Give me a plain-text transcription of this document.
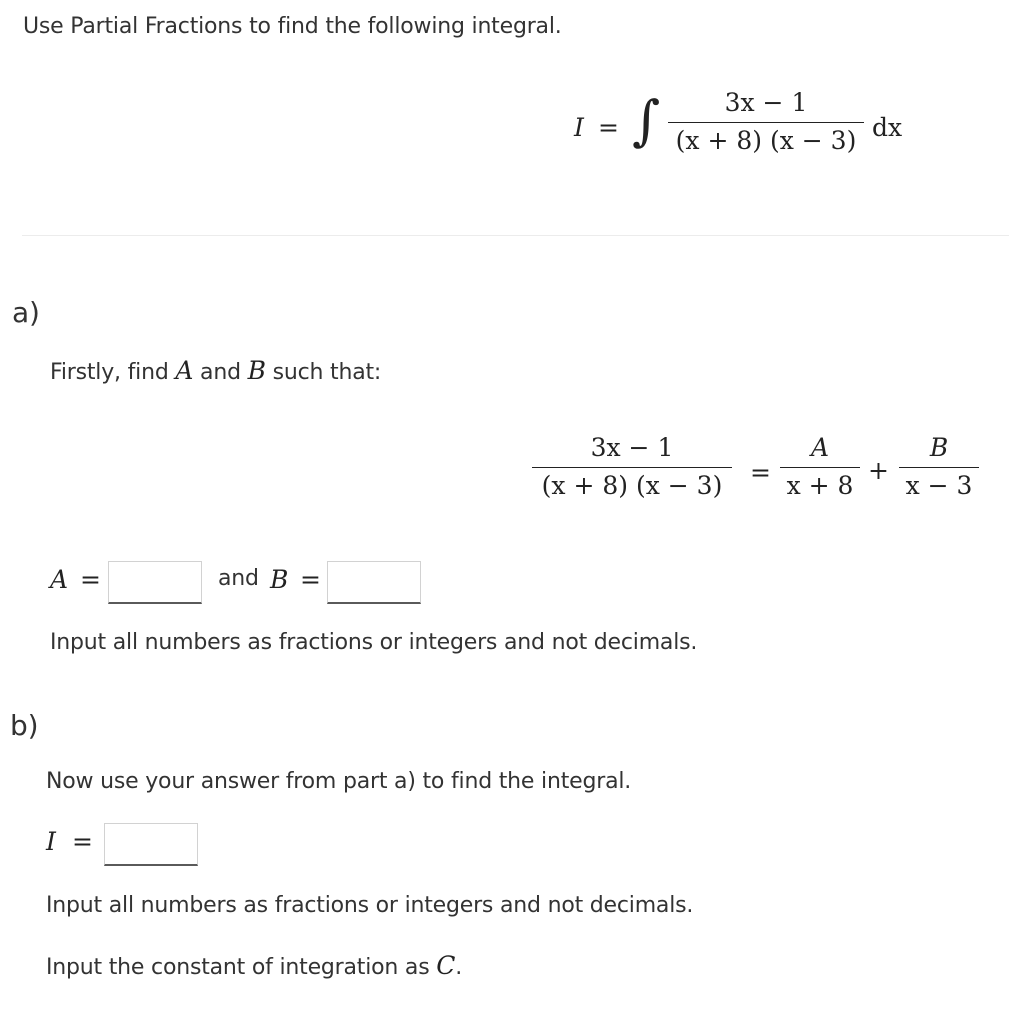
Use Partial Fractions to find the following integral.
I = ∫	3x − 1
(x + 8) (x − 3) dx
a)
Firstly, find A and B such that:
3x − 1
(x + 8) (x − 3) =
A
x + 8
+
B
x − 3
A =	and B =
Input all numbers as fractions or integers and not decimals.
b)
Now use your answer from part a) to find the integral.
I =
Input all numbers as fractions or integers and not decimals.
Input the constant of integration as C.
